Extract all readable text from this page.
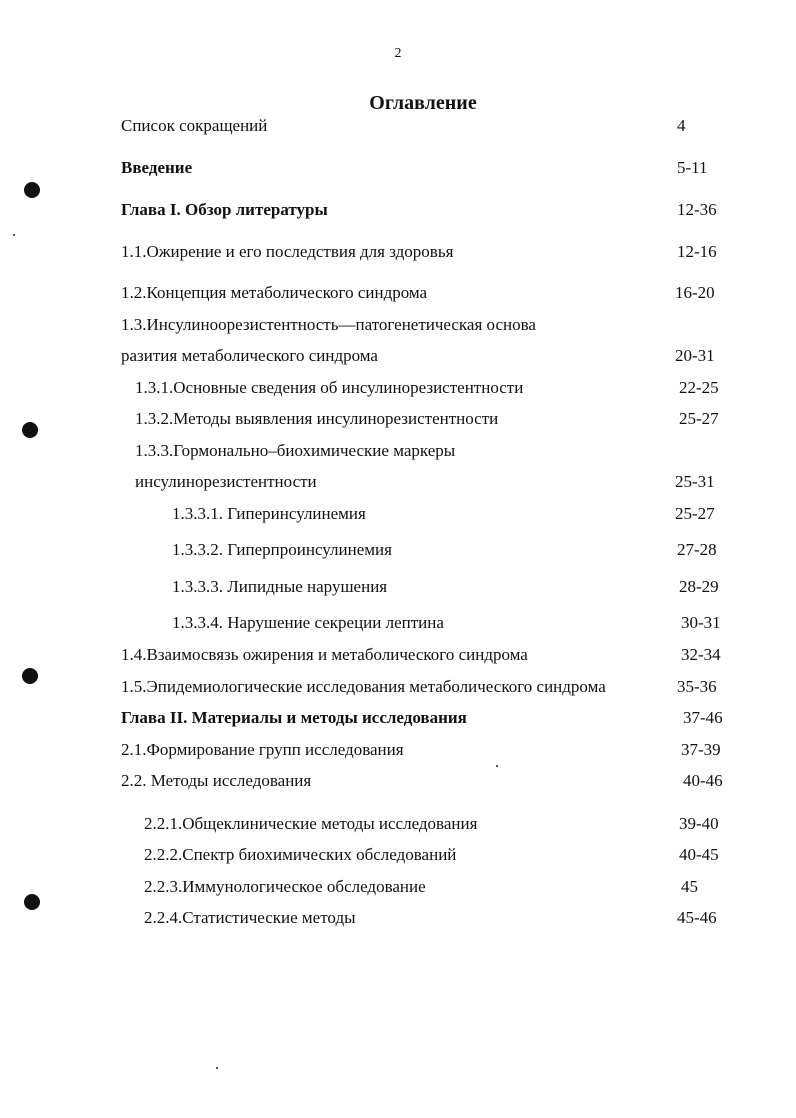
2
Оглавление
Список сокращений	4
Введение	5-11
Глава I. Обзор литературы	12-36
1.1.Ожирение и его последствия для здоровья	12-16
1.2.Концепция метаболического синдрома	16-20
1.3.Инсулиноорезистентность—патогенетическая основа
разития метаболического синдрома	20-31
1.3.1.Основные сведения об инсулинорезистентности	22-25
1.3.2.Методы выявления инсулинорезистентности	25-27
1.3.3.Гормонально–биохимические маркеры
инсулинорезистентности	25-31
1.3.3.1. Гиперинсулинемия	25-27
1.3.3.2. Гиперпроинсулинемия	27-28
1.3.3.3. Липидные нарушения	28-29
1.3.3.4. Нарушение секреции лептина	30-31
1.4.Взаимосвязь ожирения и метаболического синдрома	32-34
1.5.Эпидемиологические исследования метаболического синдрома	35-36
Глава II. Материалы и методы исследования	37-46
2.1.Формирование групп исследования	37-39
2.2. Методы исследования	40-46
2.2.1.Общеклинические методы исследования	39-40
2.2.2.Спектр биохимических обследований	40-45
2.2.3.Иммунологическое обследование	45
2.2.4.Статистические методы	45-46
